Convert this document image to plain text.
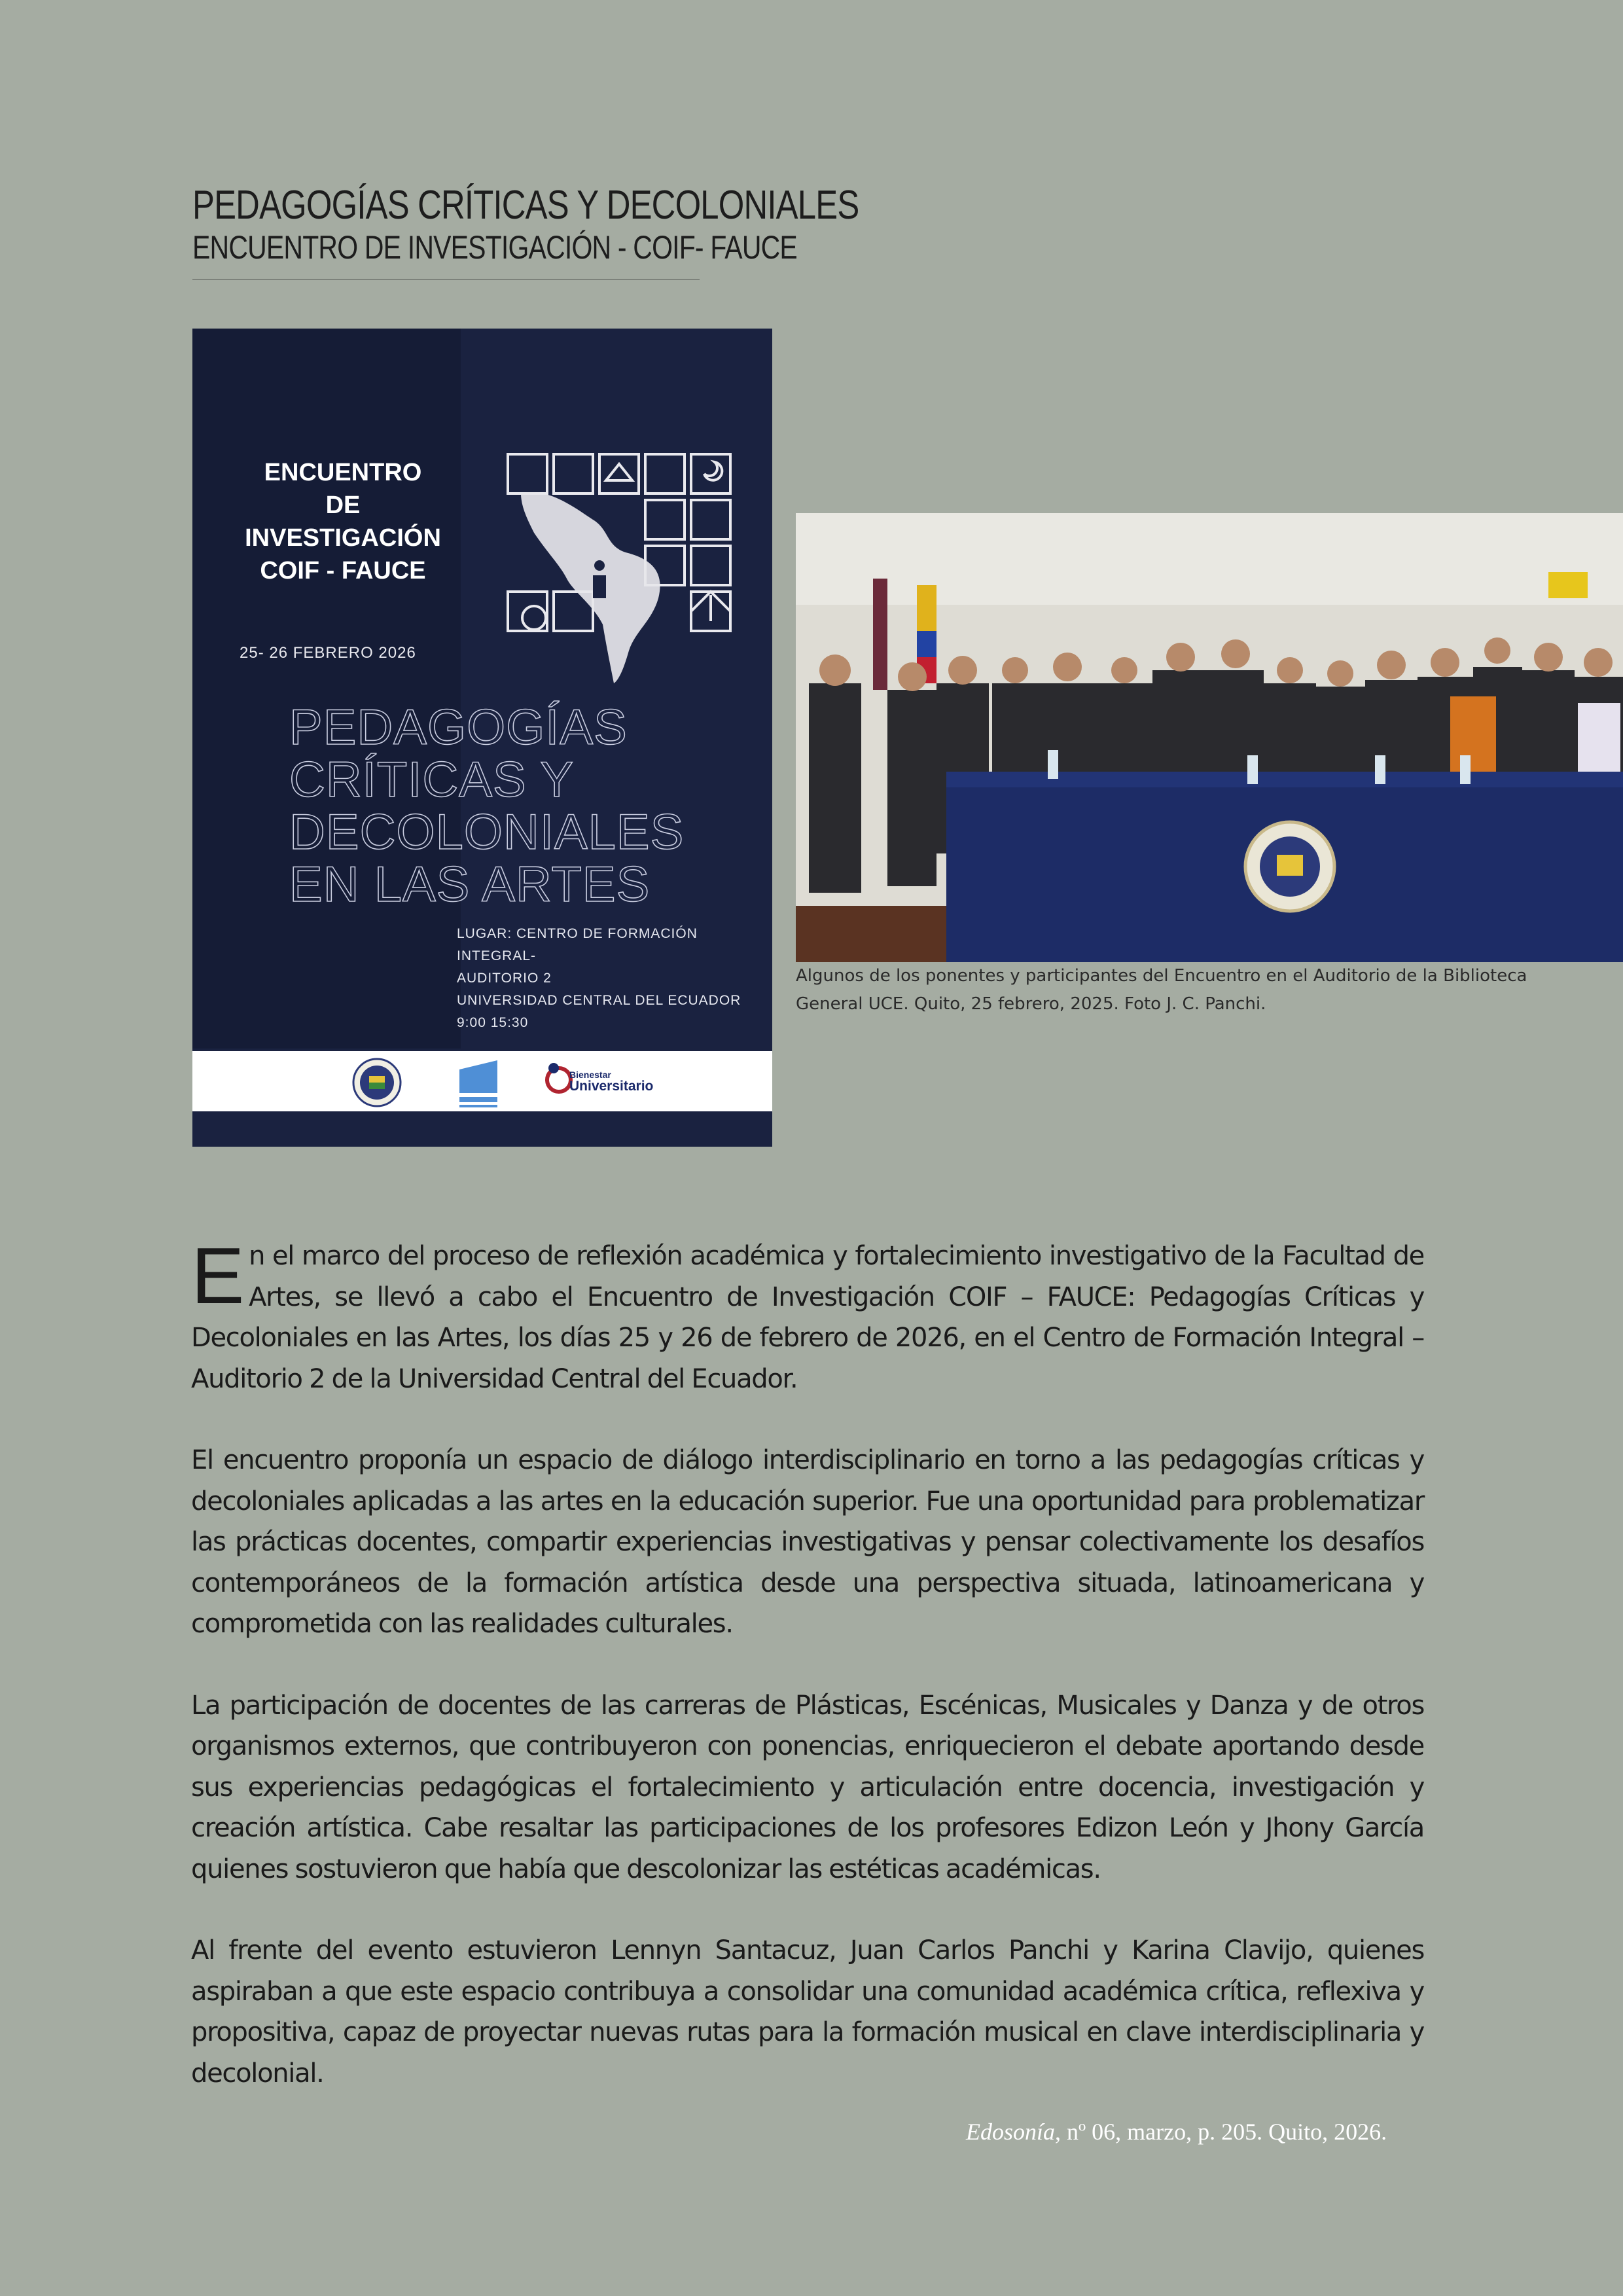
PEDAGOGÍAS CRÍTICAS Y DECOLONIALES
ENCUENTRO DE INVESTIGACIÓN - COIF- FAUCE
ENCUENTRO DE
INVESTIGACIÓN
COIF - FAUCE
25- 26 FEBRERO 2026
PEDAGOGÍAS
CRÍTICAS Y
DECOLONIALES
EN LAS ARTES
LUGAR: CENTRO DE FORMACIÓN INTEGRAL-
AUDITORIO 2
UNIVERSIDAD CENTRAL DEL ECUADOR
9:00 15:30
Bienestar
Universitario
Algunos de los ponentes y participantes del Encuentro en el Auditorio de la Biblioteca
General UCE. Quito, 25 febrero, 2025. Foto J. C. Panchi.

E n el marco del proceso de reflexión académica y fortalecimiento investigativo de la Facultad de Artes, se llevó a cabo el Encuentro de Investigación COIF – FAUCE: Pedagogías Críticas y Decoloniales en las Artes, los días 25 y 26 de febrero de 2026, en el Centro de Formación Integral – Auditorio 2 de la Universidad Central del Ecuador.

El encuentro proponía un espacio de diálogo interdisciplinario en torno a las pedagogías críticas y decoloniales aplicadas a las artes en la educación superior. Fue una oportunidad para problematizar las prácticas docentes, compartir experiencias investigativas y pensar colectivamente los desafíos contemporáneos de la formación artística desde una perspectiva situada, latinoamericana y comprometida con las realidades culturales.

La participación de docentes de las carreras de Plásticas, Escénicas, Musicales y Danza y de otros organismos externos, que contribuyeron con ponencias, enriquecieron el debate aportando desde sus experiencias pedagógicas el fortalecimiento y articulación entre docencia, investigación y creación artística. Cabe resaltar las participaciones de los profesores Edizon León y Jhony García quienes sostuvieron que había que descolonizar las estéticas académicas.

Al frente del evento estuvieron Lennyn Santacuz, Juan Carlos Panchi y Karina Clavijo, quienes aspiraban a que este espacio contribuya a consolidar una comunidad académica crítica, reflexiva y propositiva, capaz de proyectar nuevas rutas para la formación musical en clave interdisciplinaria y decolonial.

Edosonía, nº 06, marzo, p. 205. Quito, 2026.
